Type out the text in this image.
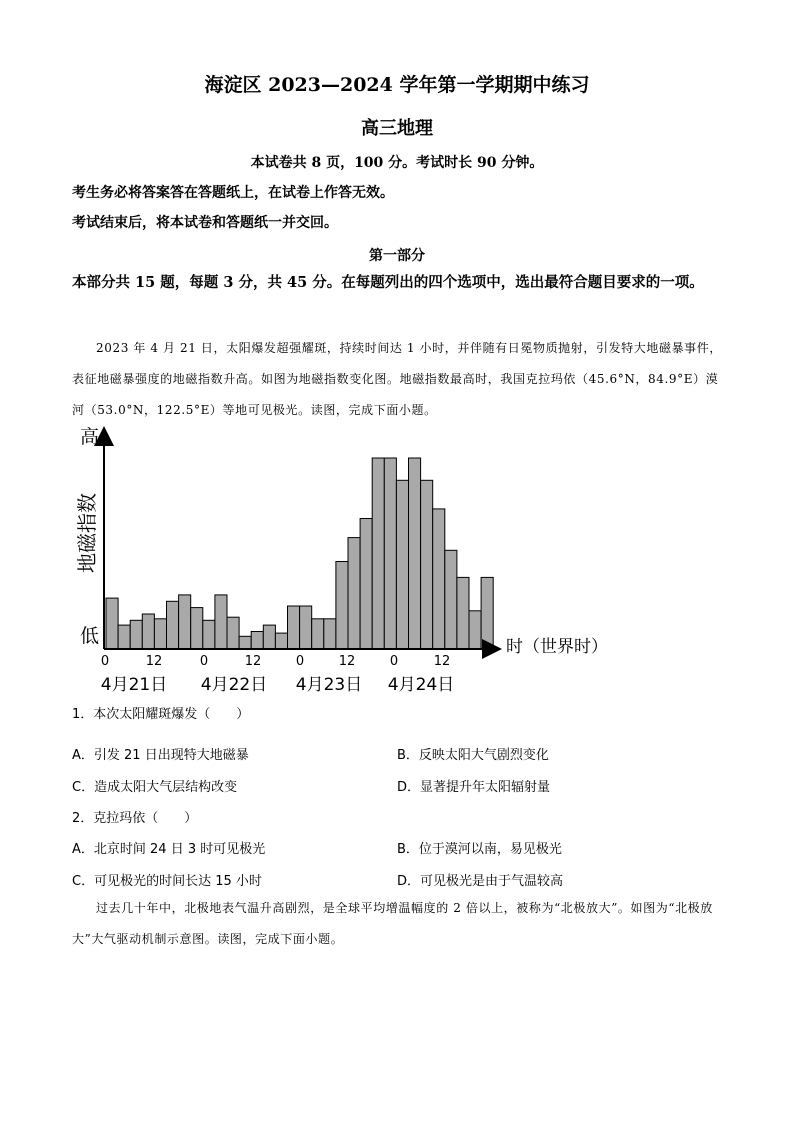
海淀区 2023—2024 学年第一学期期中练习
高三地理
本试卷共 8 页，100 分。考试时长 90 分钟。
考生务必将答案答在答题纸上，在试卷上作答无效。
考试结束后，将本试卷和答题纸一并交回。
第一部分
本部分共 15 题，每题 3 分，共 45 分。在每题列出的四个选项中，选出最符合题目要求的一项。
2023 年 4 月 21 日，太阳爆发超强耀斑，持续时间达 1 小时，并伴随有日冕物质抛射，引发特大地磁暴事件，表征地磁暴强度的地磁指数升高。如图为地磁指数变化图。地磁指数最高时，我国克拉玛依（45.6°N，84.9°E）漠河（53.0°N，122.5°E）等地可见极光。读图，完成下面小题。
高
低
地磁指数
时（世界时）
0	12	0	12	0	12	0	12
4月21日 4月22日 4月23日 4月24日
1．本次太阳耀斑爆发（　　）
A．引发 21 日出现特大地磁暴	B．反映太阳大气剧烈变化
C．造成太阳大气层结构改变	D．显著提升年太阳辐射量
2．克拉玛依（　　）
A．北京时间 24 日 3 时可见极光	B．位于漠河以南，易见极光
C．可见极光的时间长达 15 小时	D．可见极光是由于气温较高
过去几十年中，北极地表气温升高剧烈，是全球平均增温幅度的 2 倍以上，被称为“北极放大”。如图为“北极放大”大气驱动机制示意图。读图，完成下面小题。
